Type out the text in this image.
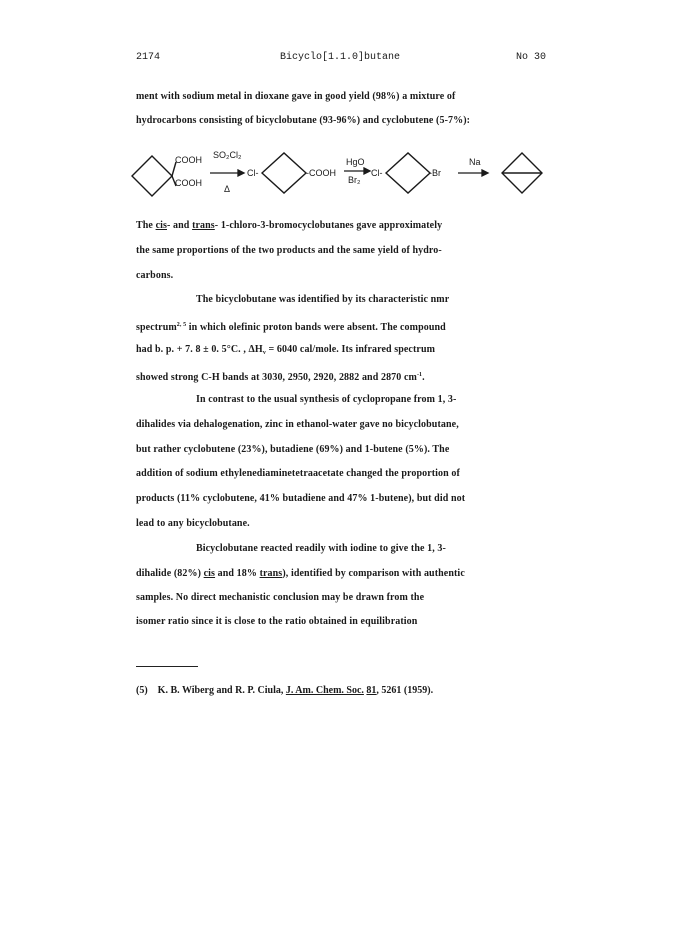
2174	Bicyclo[1.1.0]butane	No 30
ment with sodium metal in dioxane gave in good yield (98%) a mixture of
hydrocarbons consisting of bicyclobutane (93-96%) and cyclobutene (5-7%):
COOH
COOH
SO₂Cl₂
Δ
Cl-	-COOH
HgO
Br₂
Cl-	-Br
Na
The cis- and trans- 1-chloro-3-bromocyclobutanes gave approximately
the same proportions of the two products and the same yield of hydro-
carbons.
The bicyclobutane was identified by its characteristic nmr
spectrum$^{2, 5}$ in which olefinic proton bands were absent. The compound
had b. p. + 7. 8 ± 0. 5°C. , $\Delta H_v = 6040$ cal/mole. Its infrared spectrum
showed strong C-H bands at 3030, 2950, 2920, 2882 and 2870 $cm^{-1}$.
In contrast to the usual synthesis of cyclopropane from 1, 3-
dihalides via dehalogenation, zinc in ethanol-water gave no bicyclobutane,
but rather cyclobutene (23%), butadiene (69%) and 1-butene (5%). The
addition of sodium ethylenediaminetetraacetate changed the proportion of
products (11% cyclobutene, 41% butadiene and 47% 1-butene), but did not
lead to any bicyclobutane.
Bicyclobutane reacted readily with iodine to give the 1, 3-
dihalide (82%) cis and 18% trans), identified by comparison with authentic
samples. No direct mechanistic conclusion may be drawn from the
isomer ratio since it is close to the ratio obtained in equilibration
(5) K. B. Wiberg and R. P. Ciula, J. Am. Chem. Soc. 81, 5261 (1959).
